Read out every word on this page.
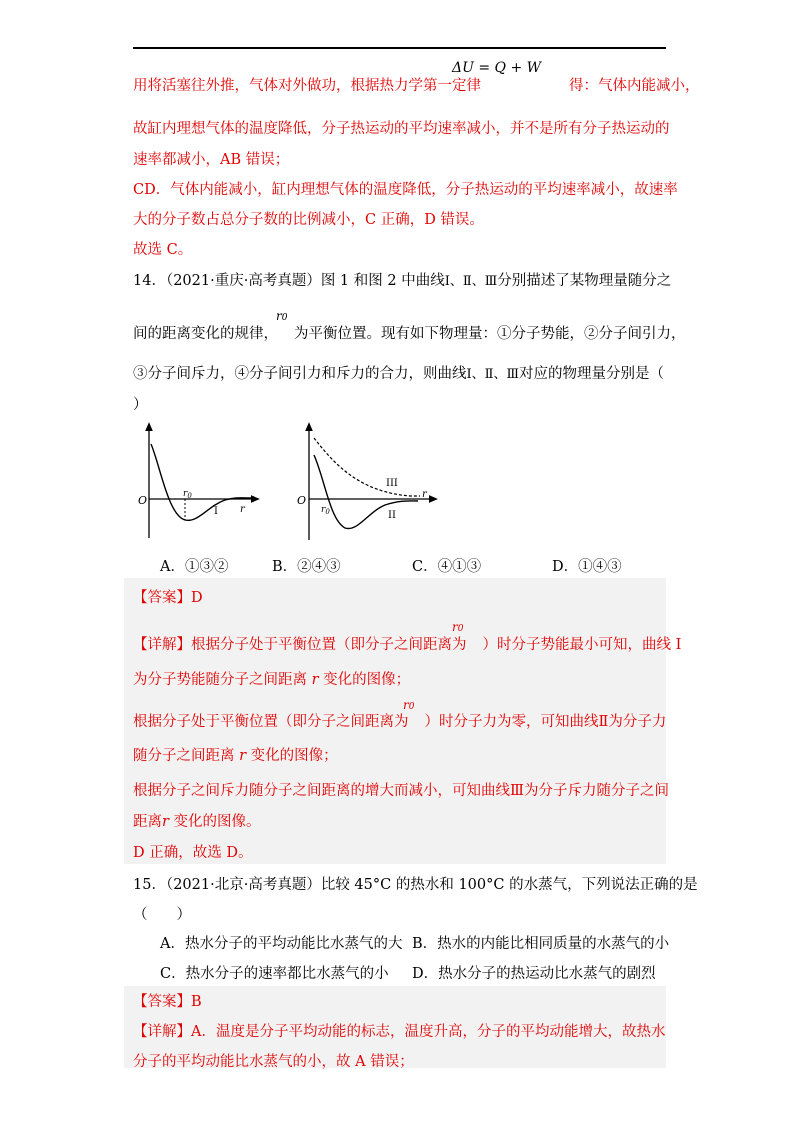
ΔU = Q + W
用将活塞往外推，气体对外做功，根据热力学第一定律	得：气体内能减小，
故缸内理想气体的温度降低，分子热运动的平均速率减小，并不是所有分子热运动的
速率都减小，AB 错误；
CD．气体内能减小，缸内理想气体的温度降低，分子热运动的平均速率减小，故速率
大的分子数占总分子数的比例减小，C 正确，D 错误。
故选 C。
14．（2021·重庆·高考真题）图 1 和图 2 中曲线Ⅰ、Ⅱ、Ⅲ分别描述了某物理量随分之
r0
间的距离变化的规律， 为平衡位置。现有如下物理量：①分子势能，②分子间引力，
③分子间斥力，④分子间引力和斥力的合力，则曲线Ⅰ、Ⅱ、Ⅲ对应的物理量分别是（
）
O	$r_0$
r
I
O
$r_0$
r
III
II
A．①③②	B．②④③	C．④①③	D．①④③
【答案】D
r0
【详解】根据分子处于平衡位置（即分子之间距离为 ）时分子势能最小可知，曲线 I
为分子势能随分子之间距离 r 变化的图像；
r0
根据分子处于平衡位置（即分子之间距离为 ）时分子力为零，可知曲线Ⅱ为分子力
随分子之间距离 r 变化的图像；
根据分子之间斥力随分子之间距离的增大而减小，可知曲线Ⅲ为分子斥力随分子之间
距离r 变化的图像。
D 正确，故选 D。
15．（2021·北京·高考真题）比较 45°C 的热水和 100°C 的水蒸气，下列说法正确的是
（　　）
A．热水分子的平均动能比水蒸气的大 B．热水的内能比相同质量的水蒸气的小
C．热水分子的速率都比水蒸气的小 D．热水分子的热运动比水蒸气的剧烈
【答案】B
【详解】A．温度是分子平均动能的标志，温度升高，分子的平均动能增大，故热水
分子的平均动能比水蒸气的小，故 A 错误；
